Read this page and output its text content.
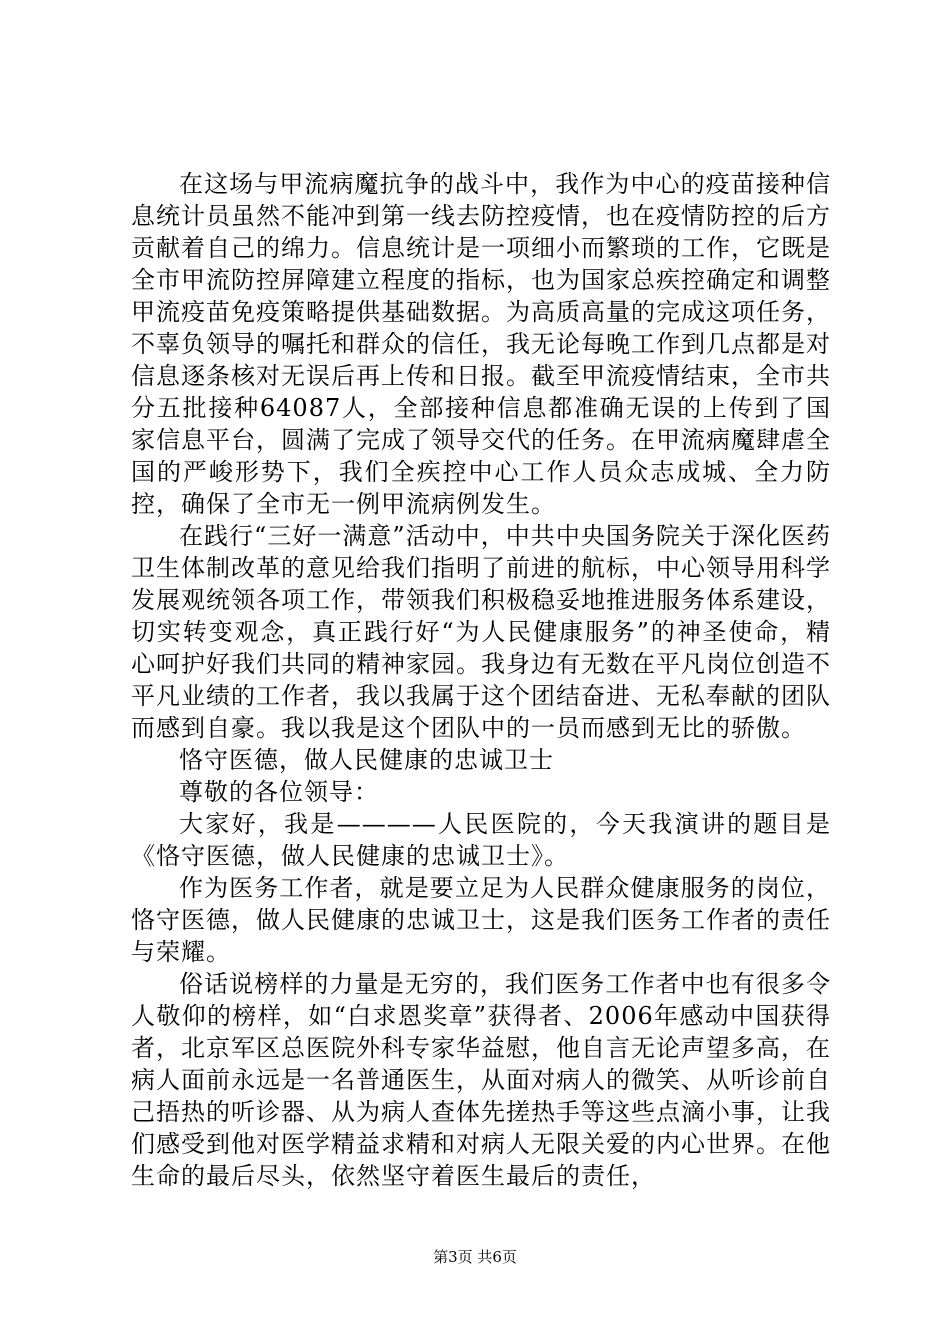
在这场与甲流病魔抗争的战斗中，我作为中心的疫苗接种信息统计员虽然不能冲到第一线去防控疫情，也在疫情防控的后方贡献着自己的绵力。信息统计是一项细小而繁琐的工作，它既是全市甲流防控屏障建立程度的指标，也为国家总疾控确定和调整甲流疫苗免疫策略提供基础数据。为高质高量的完成这项任务，不辜负领导的嘱托和群众的信任，我无论每晚工作到几点都是对信息逐条核对无误后再上传和日报。截至甲流疫情结束，全市共分五批接种64087人，全部接种信息都准确无误的上传到了国家信息平台，圆满了完成了领导交代的任务。在甲流病魔肆虐全国的严峻形势下，我们全疾控中心工作人员众志成城、全力防控，确保了全市无一例甲流病例发生。

在践行“三好一满意”活动中，中共中央国务院关于深化医药卫生体制改革的意见给我们指明了前进的航标，中心领导用科学发展观统领各项工作，带领我们积极稳妥地推进服务体系建设，切实转变观念，真正践行好“为人民健康服务”的神圣使命，精心呵护好我们共同的精神家园。我身边有无数在平凡岗位创造不平凡业绩的工作者，我以我属于这个团结奋进、无私奉献的团队而感到自豪。我以我是这个团队中的一员而感到无比的骄傲。

恪守医德，做人民健康的忠诚卫士

尊敬的各位领导：

大家好，我是————人民医院的，今天我演讲的题目是《恪守医德，做人民健康的忠诚卫士》。

作为医务工作者，就是要立足为人民群众健康服务的岗位，恪守医德，做人民健康的忠诚卫士，这是我们医务工作者的责任与荣耀。

俗话说榜样的力量是无穷的，我们医务工作者中也有很多令人敬仰的榜样，如“白求恩奖章”获得者、2006年感动中国获得者，北京军区总医院外科专家华益慰，他自言无论声望多高，在病人面前永远是一名普通医生，从面对病人的微笑、从听诊前自己捂热的听诊器、从为病人查体先搓热手等这些点滴小事，让我们感受到他对医学精益求精和对病人无限关爱的内心世界。在他生命的最后尽头，依然坚守着医生最后的责任，

第3页 共6页
